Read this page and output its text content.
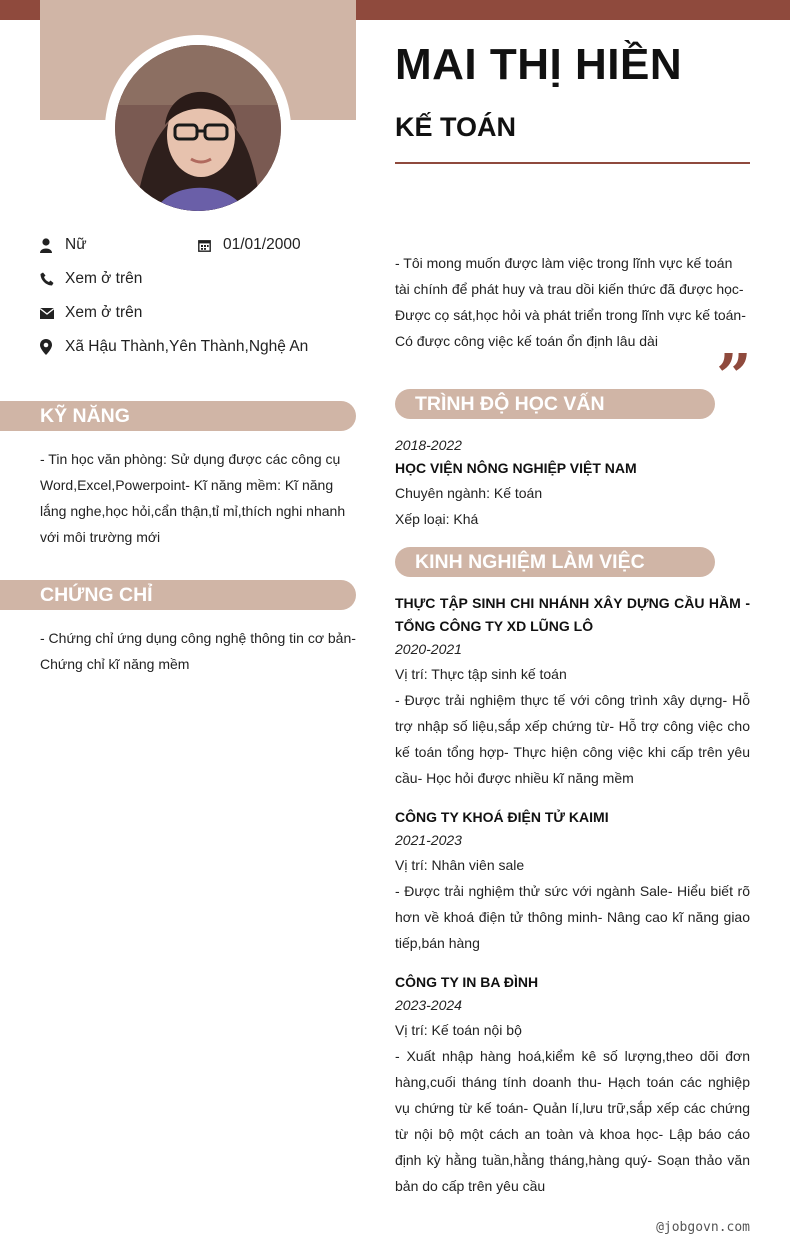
MAI THỊ HIỀN
KẾ TOÁN
Nữ	01/01/2000
Xem ở trên
Xem ở trên
Xã Hậu Thành,Yên Thành,Nghệ An
KỸ NĂNG
- Tin học văn phòng: Sử dụng được các công cụ Word,Excel,Powerpoint- Kĩ năng mềm: Kĩ năng lắng nghe,học hỏi,cẩn thận,tỉ mỉ,thích nghi nhanh với môi trường mới
CHỨNG CHỈ
- Chứng chỉ ứng dụng công nghệ thông tin cơ bản- Chứng chỉ kĩ năng mềm
- Tôi mong muốn được làm việc trong lĩnh vực kế toán tài chính để phát huy và trau dồi kiến thức đã được học- Được cọ sát,học hỏi và phát triển trong lĩnh vực kế toán- Có được công việc kế toán ổn định lâu dài ”
TRÌNH ĐỘ HỌC VẤN
2018-2022
HỌC VIỆN NÔNG NGHIỆP VIỆT NAM
Chuyên ngành: Kế toán
Xếp loại: Khá
KINH NGHIỆM LÀM VIỆC
THỰC TẬP SINH CHI NHÁNH XÂY DỰNG CẦU HẦM - TỔNG CÔNG TY XD LŨNG LÔ
2020-2021
Vị trí: Thực tập sinh kế toán
- Được trải nghiệm thực tế với công trình xây dựng- Hỗ trợ nhập số liệu,sắp xếp chứng từ- Hỗ trợ công việc cho kế toán tổng hợp- Thực hiện công việc khi cấp trên yêu cầu- Học hỏi được nhiều kĩ năng mềm
CÔNG TY KHOÁ ĐIỆN TỬ KAIMI
2021-2023
Vị trí: Nhân viên sale
- Được trải nghiệm thử sức với ngành Sale- Hiểu biết rõ hơn về khoá điện tử thông minh- Nâng cao kĩ năng giao tiếp,bán hàng
CÔNG TY IN BA ĐÌNH
2023-2024
Vị trí: Kế toán nội bộ
- Xuất nhập hàng hoá,kiểm kê số lượng,theo dõi đơn hàng,cuối tháng tính doanh thu- Hạch toán các nghiệp vụ chứng từ kế toán- Quản lí,lưu trữ,sắp xếp các chứng từ nội bộ một cách an toàn và khoa học- Lập báo cáo định kỳ hằng tuần,hằng tháng,hàng quý- Soạn thảo văn bản do cấp trên yêu cầu
@jobgovn.com
